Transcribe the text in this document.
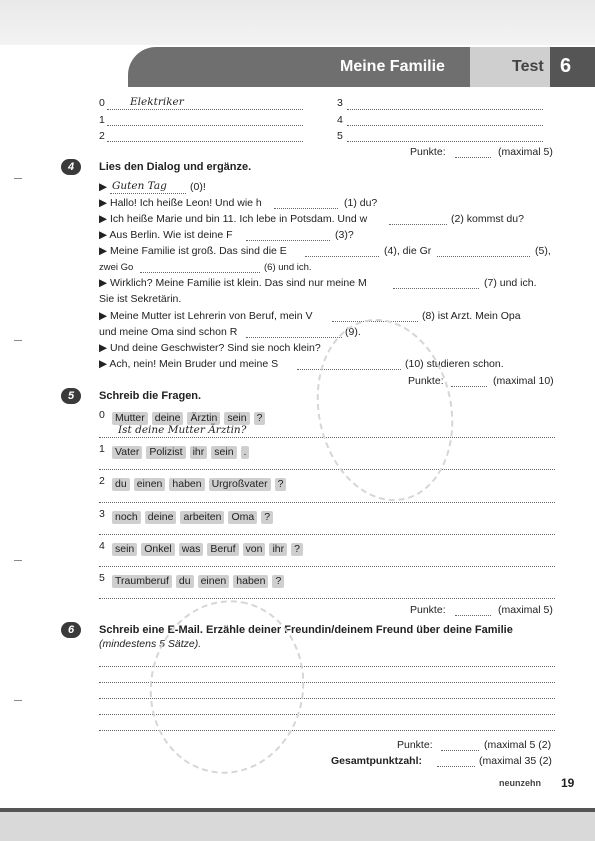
Meine Familie	Test 6
0 Elektriker
1
2
3
4
5
Punkte:	(maximal 5)
4	Lies den Dialog und ergänze.
▶ Guten Tag (0)!
▶ Hallo! Ich heiße Leon! Und wie h	(1) du?
▶ Ich heiße Marie und bin 11. Ich lebe in Potsdam. Und w	(2) kommst du?
▶ Aus Berlin. Wie ist deine F	(3)?
▶ Meine Familie ist groß. Das sind die E	(4), die Gr	(5),
zwei Go	(6) und ich.
▶ Wirklich? Meine Familie ist klein. Das sind nur meine M	(7) und ich.
Sie ist Sekretärin.
▶ Meine Mutter ist Lehrerin von Beruf, mein V	(8) ist Arzt. Mein Opa
und meine Oma sind schon R	(9).
▶ Und deine Geschwister? Sind sie noch klein?
▶ Ach, nein! Mein Bruder und meine S	(10) studieren schon.
Punkte:	(maximal 10)
5	Schreib die Fragen.
0 Mutter deine Ärztin sein ?
Ist deine Mutter Ärztin?
1 Vater Polizist ihr sein .
2 du einen haben Urgroßvater ?
3 noch deine arbeiten Oma ?
4 sein Onkel was Beruf von ihr ?
5 Traumberuf du einen haben ?
Punkte:	(maximal 5)
6	Schreib eine E-Mail. Erzähle deiner Freundin/deinem Freund über deine Familie
(mindestens 5 Sätze).
Punkte:	(maximal 5 (2)
Gesamtpunktzahl:	(maximal 35 (2)
neunzehn 19
